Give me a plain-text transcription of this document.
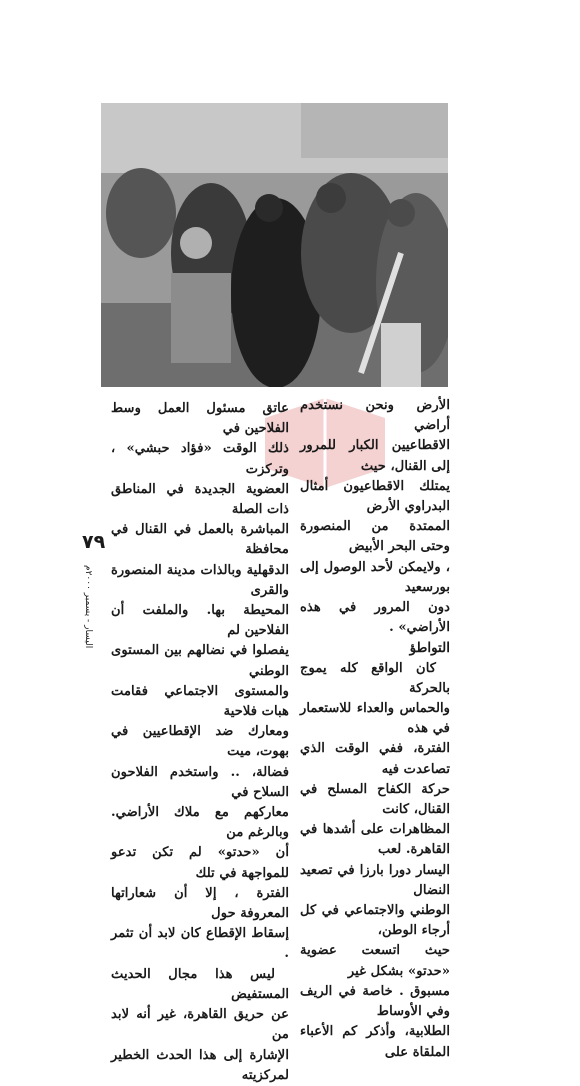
الأرض ونحن نستخدم أراضي

الاقطاعيين الكبار للمرور إلى القنال، حيث

يمتلك الاقطاعيون أمثال البدراوي الأرض

الممتدة من المنصورة وحتى البحر الأبيض

، ولايمكن لأحد الوصول إلى بورسعيد

دون المرور في هذه الأراضي» .

التواطؤ

كان الواقع كله يموج بالحركة

والحماس والعداء للاستعمار في هذه

الفترة، ففي الوقت الذي تصاعدت فيه

حركة الكفاح المسلح في القنال، كانت

المظاهرات على أشدها في القاهرة. لعب

اليسار دورا بارزا في تصعيد النضال

الوطني والاجتماعي في كل أرجاء الوطن،

حيث اتسعت عضوية «حدتو» بشكل غير

مسبوق . خاصة في الريف وفي الأوساط

الطلابية، وأذكر كم الأعباء الملقاة على

عاتق مسئول العمل وسط الفلاحين في

ذلك الوقت «فؤاد حبشي» ، وتركزت

العضوية الجديدة في المناطق ذات الصلة

المباشرة بالعمل في القنال في محافظة

الدقهلية وبالذات مدينة المنصورة والقرى

المحيطة بها. والملفت أن الفلاحين لم

يفصلوا في نضالهم بين المستوى الوطني

والمستوى الاجتماعي فقامت هبات فلاحية

ومعارك ضد الإقطاعيين في بهوت، ميت

فضالة، .. واستخدم الفلاحون السلاح في

معاركهم مع ملاك الأراضي. وبالرغم من

أن «حدتو» لم تكن تدعو للمواجهة في تلك

الفترة ، إلا أن شعاراتها المعروفة حول

إسقاط الإقطاع كان لابد أن تثمر .

ليس هذا مجال الحديث المستفيض

عن حريق القاهرة، غير أنه لابد من

الإشارة إلى هذا الحدث الخطير لمركزيته

٧٩
اليسار - يسمبر ٢٠٠٠م
